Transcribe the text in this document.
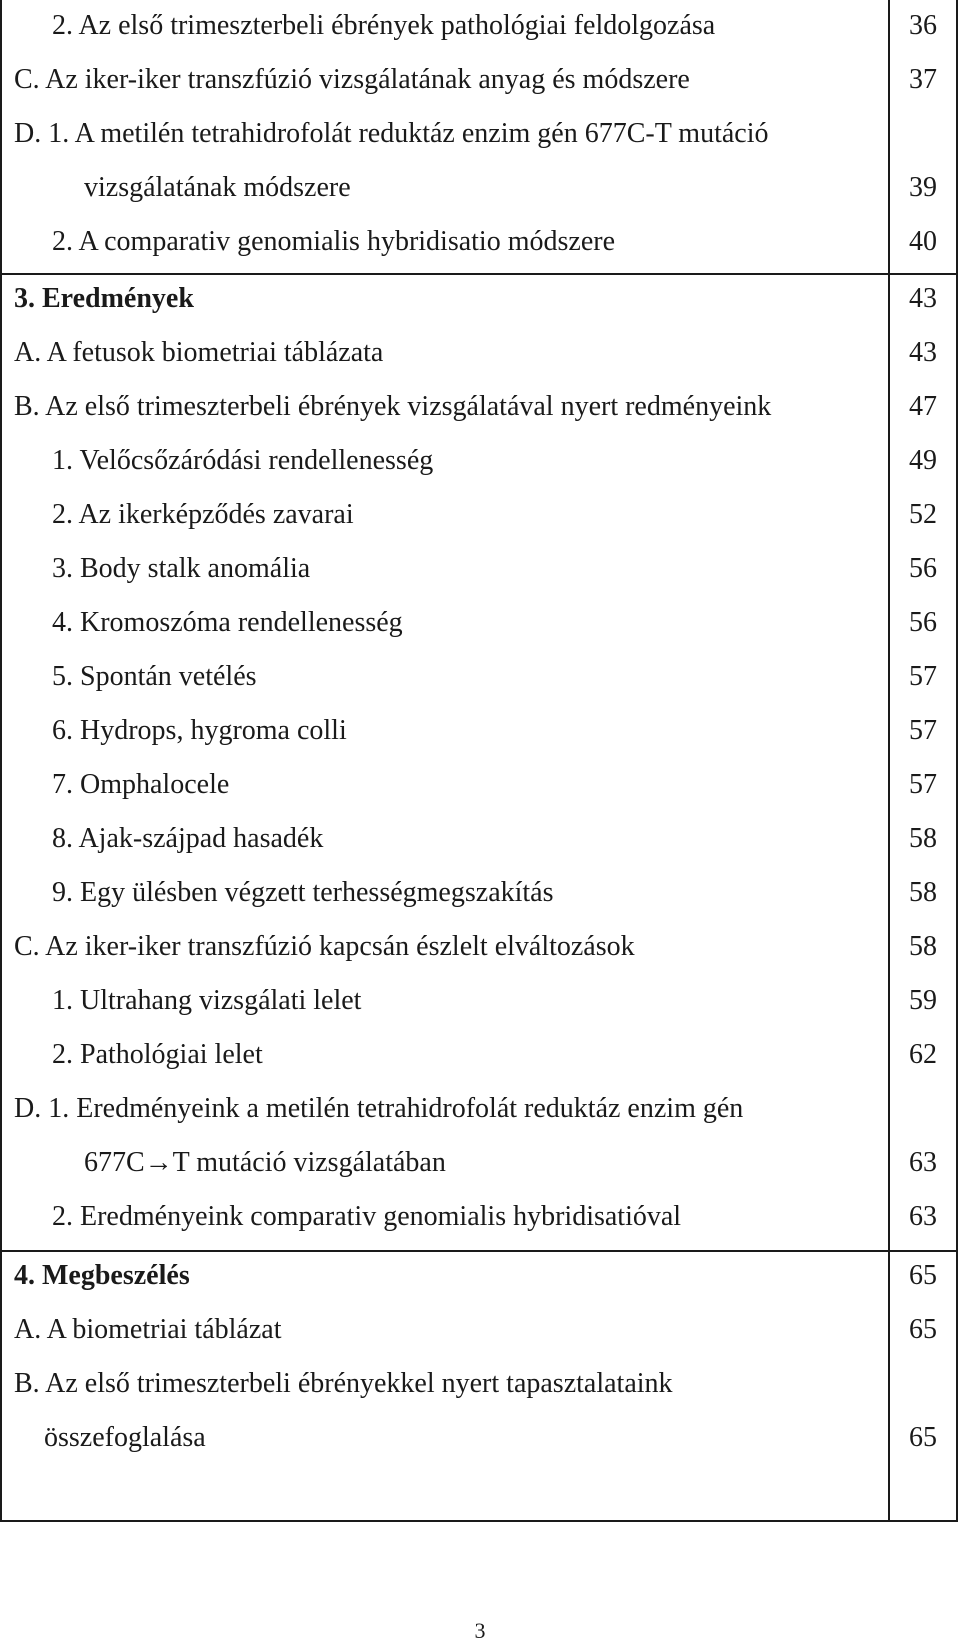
2. Az első trimeszterbeli ébrények pathológiai feldolgozása	36
C. Az iker-iker transzfúzió vizsgálatának anyag és módszere	37
D. 1. A metilén tetrahidrofolát reduktáz enzim gén 677C-T mutáció
vizsgálatának módszere	39
2. A comparativ genomialis hybridisatio módszere	40
3. Eredmények	43
A. A fetusok biometriai táblázata	43
B. Az első trimeszterbeli ébrények vizsgálatával nyert redményeink	47
1. Velőcsőzáródási rendellenesség	49
2. Az ikerképződés zavarai	52
3. Body stalk anomália	56
4. Kromoszóma rendellenesség	56
5. Spontán vetélés	57
6. Hydrops, hygroma colli	57
7. Omphalocele	57
8. Ajak-szájpad hasadék	58
9. Egy ülésben végzett terhességmegszakítás	58
C. Az iker-iker transzfúzió kapcsán észlelt elváltozások	58
1. Ultrahang vizsgálati lelet	59
2. Pathológiai lelet	62
D. 1. Eredményeink a metilén tetrahidrofolát reduktáz enzim gén
677C→T mutáció vizsgálatában	63
2. Eredményeink comparativ genomialis hybridisatióval	63
4. Megbeszélés	65
A. A biometriai táblázat	65
B. Az első trimeszterbeli ébrényekkel nyert tapasztalataink
összefoglalása	65
3
